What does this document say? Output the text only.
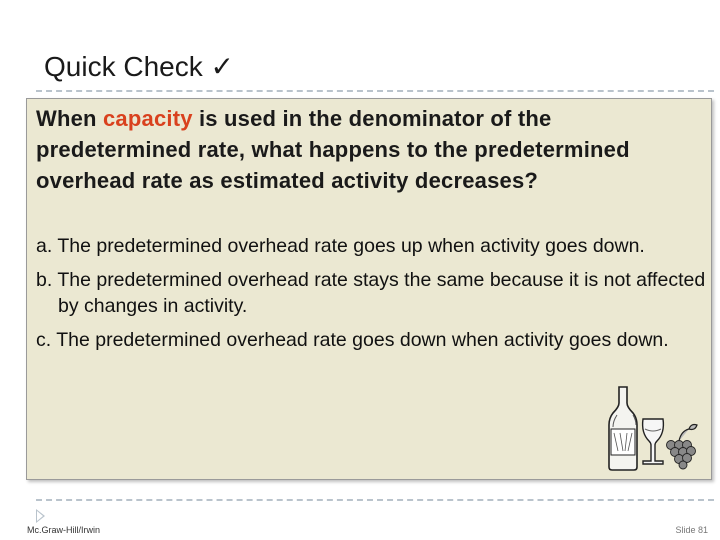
Quick Check ✓
When capacity is used in the denominator of the predetermined rate, what happens to the predetermined overhead rate as estimated activity decreases?
a. The predetermined overhead rate goes up when activity goes down.
b. The predetermined overhead rate stays the same because it is not affected by changes in activity.
c. The predetermined overhead rate goes down when activity goes down.
Mc.Graw-Hill/Irwin	Slide 81
